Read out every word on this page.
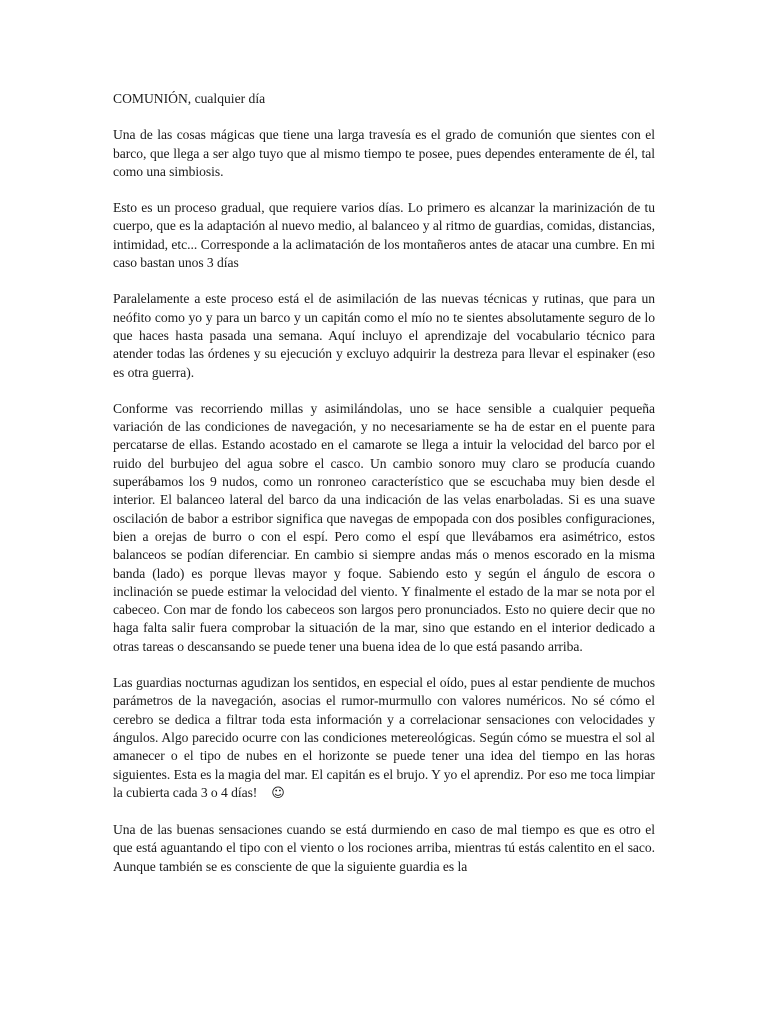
COMUNIÓN, cualquier día

Una de las cosas mágicas que tiene una larga travesía es el grado de comunión que sientes con el barco, que llega a ser algo tuyo que al mismo tiempo te posee, pues dependes enteramente de él, tal como una simbiosis.

Esto es un proceso gradual, que requiere varios días. Lo primero es alcanzar la marinización de tu cuerpo, que es la adaptación al nuevo medio, al balanceo y al ritmo de guardias, comidas, distancias, intimidad, etc... Corresponde a la aclimatación de los montañeros antes de atacar una cumbre. En mi caso bastan unos 3 días

Paralelamente a este proceso está el de asimilación de las nuevas técnicas y rutinas, que para un neófito como yo y para un barco y un capitán como el mío no te sientes absolutamente seguro de lo que haces hasta pasada una semana. Aquí incluyo el aprendizaje del vocabulario técnico para atender todas las órdenes y su ejecución y excluyo adquirir la destreza para llevar el espinaker (eso es otra guerra).

Conforme vas recorriendo millas y asimilándolas, uno se hace sensible a cualquier pequeña variación de las condiciones de navegación, y no necesariamente se ha de estar en el puente para percatarse de ellas. Estando acostado en el camarote se llega a intuir la velocidad del barco por el ruido del burbujeo del agua sobre el casco. Un cambio sonoro muy claro se producía cuando superábamos los 9 nudos, como un ronroneo característico que se escuchaba muy bien desde el interior. El balanceo lateral del barco da una indicación de las velas enarboladas. Si es una suave oscilación de babor a estribor significa que navegas de empopada con dos posibles configuraciones, bien a orejas de burro o con el espí. Pero como el espí que llevábamos era asimétrico, estos balanceos se podían diferenciar. En cambio si siempre andas más o menos escorado en la misma banda (lado) es porque llevas mayor y foque. Sabiendo esto y según el ángulo de escora o inclinación se puede estimar la velocidad del viento. Y finalmente el estado de la mar se nota por el cabeceo. Con mar de fondo los cabeceos son largos pero pronunciados. Esto no quiere decir que no haga falta salir fuera comprobar la situación de la mar, sino que estando en el interior dedicado a otras tareas o descansando se puede tener una buena idea de lo que está pasando arriba.

Las guardias nocturnas agudizan los sentidos, en especial el oído, pues al estar pendiente de muchos parámetros de la navegación, asocias el rumor-murmullo con valores numéricos. No sé cómo el cerebro se dedica a filtrar toda esta información y a correlacionar sensaciones con velocidades y ángulos. Algo parecido ocurre con las condiciones metereológicas. Según cómo se muestra el sol al amanecer o el tipo de nubes en el horizonte se puede tener una idea del tiempo en las horas siguientes. Esta es la magia del mar. El capitán es el brujo. Y yo el aprendiz. Por eso me toca limpiar la cubierta cada 3 o 4 días! ☺

Una de las buenas sensaciones cuando se está durmiendo en caso de mal tiempo es que es otro el que está aguantando el tipo con el viento o los rociones arriba, mientras tú estás calentito en el saco. Aunque también se es consciente de que la siguiente guardia es la
